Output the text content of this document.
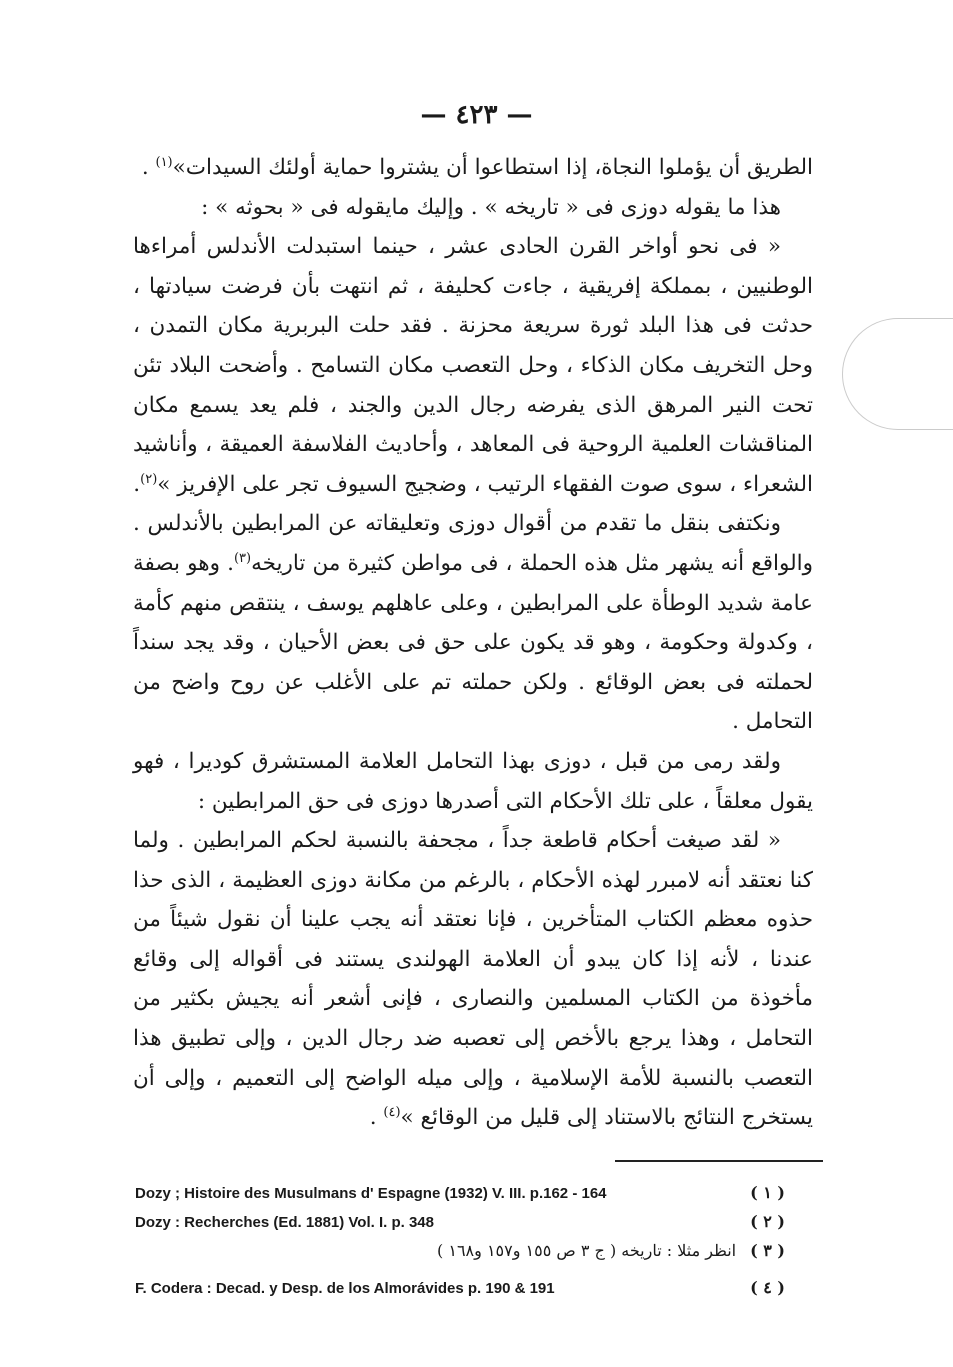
— ٤٢٣ —

الطريق أن يؤملوا النجاة، إذا استطاعوا أن يشتروا حماية أولئك السيدات»$^{(١)}$ .

هذا ما يقوله دوزى فى « تاريخه » . وإليك مايقوله فى « بحوثه » :

« فى نحو أواخر القرن الحادى عشر ، حينما استبدلت الأندلس أمراءها الوطنيين ، بمملكة إفريقية ، جاءت كحليفة ، ثم انتهت بأن فرضت سيادتها ، حدثت فى هذا البلد ثورة سريعة محزنة . فقد حلت البربرية مكان التمدن ، وحل التخريف مكان الذكاء ، وحل التعصب مكان التسامح . وأضحت البلاد تئن تحت النير المرهق الذى يفرضه رجال الدين والجند ، فلم يعد يسمع مكان المناقشات العلمية الروحية فى المعاهد ، وأحاديث الفلاسفة العميقة ، وأناشيد الشعراء ، سوى صوت الفقهاء الرتيب ، وضجيج السيوف تجر على الإفريز »$^{(٢)}$.

ونكتفى بنقل ما تقدم من أقوال دوزى وتعليقاته عن المرابطين بالأندلس . والواقع أنه يشهر مثل هذه الحملة ، فى مواطن كثيرة من تاريخه$^{(٣)}$. وهو بصفة عامة شديد الوطأة على المرابطين ، وعلى عاهلهم يوسف ، ينتقص منهم كأمة ، وكدولة وحكومة ، وهو قد يكون على حق فى بعض الأحيان ، وقد يجد سنداً لحملته فى بعض الوقائع . ولكن حملته تم على الأغلب عن روح واضح من التحامل .

ولقد رمى من قبل ، دوزى بهذا التحامل العلامة المستشرق كوديرا ، فهو يقول معلقاً ، على تلك الأحكام التى أصدرها دوزى فى حق المرابطين :

« لقد صيغت أحكام قاطعة جداً ، مجحفة بالنسبة لحكم المرابطين . ولما كنا نعتقد أنه لامبرر لهذه الأحكام ، بالرغم من مكانة دوزى العظيمة ، الذى حذا حذوه معظم الكتاب المتأخرين ، فإنا نعتقد أنه يجب علينا أن نقول شيئاً من عندنا ، لأنه إذا كان يبدو أن العلامة الهولندى يستند فى أقواله إلى وقائع مأخوذة من الكتاب المسلمين والنصارى ، فإنى أشعر أنه يجيش بكثير من التحامل ، وهذا يرجع بالأخص إلى تعصبه ضد رجال الدين ، وإلى تطبيق هذا التعصب بالنسبة للأمة الإسلامية ، وإلى ميله الواضح إلى التعميم ، وإلى أن يستخرج النتائج بالاستناد إلى قليل من الوقائع »$^{(٤)}$ .

Dozy ; Histoire des Musulmans d' Espagne (1932) V. III. p.162 - 164	( ١ )
Dozy : Recherches (Ed. 1881) Vol. I. p. 348	( ٢ )
انظر مثلا : تاريخه ( ج ٣ ص ١٥٥ و١٥٧ و١٦٨ ) ( ٣ )
F. Codera : Decad. y Desp. de los Almorávides p. 190 & 191	( ٤ )
